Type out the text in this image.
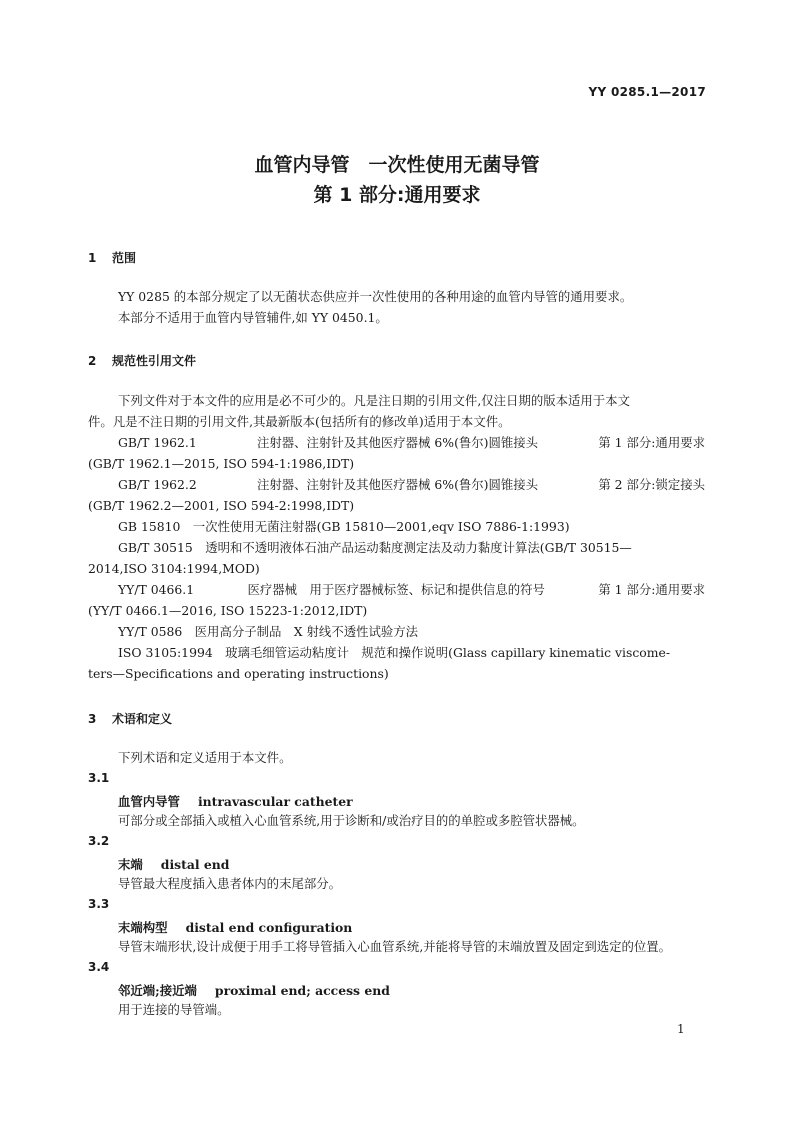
YY 0285.1—2017
血管内导管　一次性使用无菌导管
第 1 部分:通用要求
1 范围
YY 0285 的本部分规定了以无菌状态供应并一次性使用的各种用途的血管内导管的通用要求。
本部分不适用于血管内导管辅件,如 YY 0450.1。
2 规范性引用文件
下列文件对于本文件的应用是必不可少的。凡是注日期的引用文件,仅注日期的版本适用于本文
件。凡是不注日期的引用文件,其最新版本(包括所有的修改单)适用于本文件。
GB/T 1962.1	注射器、注射针及其他医疗器械 6%(鲁尔)圆锥接头	第 1 部分:通用要求
(GB/T 1962.1—2015, ISO 594-1:1986,IDT)
GB/T 1962.2	注射器、注射针及其他医疗器械 6%(鲁尔)圆锥接头	第 2 部分:锁定接头
(GB/T 1962.2—2001, ISO 594-2:1998,IDT)
GB 15810　一次性使用无菌注射器(GB 15810—2001,eqv ISO 7886-1:1993)
GB/T 30515　透明和不透明液体石油产品运动黏度测定法及动力黏度计算法(GB/T 30515—
2014,ISO 3104:1994,MOD)
YY/T 0466.1	医疗器械　用于医疗器械标签、标记和提供信息的符号	第 1 部分:通用要求
(YY/T 0466.1—2016, ISO 15223-1:2012,IDT)
YY/T 0586　医用高分子制品　X 射线不透性试验方法
ISO 3105:1994　玻璃毛细管运动粘度计　规范和操作说明(Glass capillary kinematic viscome-
ters—Specifications and operating instructions)
3 术语和定义
下列术语和定义适用于本文件。
3.1
血管内导管 intravascular catheter
可部分或全部插入或植入心血管系统,用于诊断和/或治疗目的的单腔或多腔管状器械。
3.2
末端 distal end
导管最大程度插入患者体内的末尾部分。
3.3
末端构型 distal end configuration
导管末端形状,设计成便于用手工将导管插入心血管系统,并能将导管的末端放置及固定到选定的位置。
3.4
邻近端;接近端 proximal end; access end
用于连接的导管端。
1
